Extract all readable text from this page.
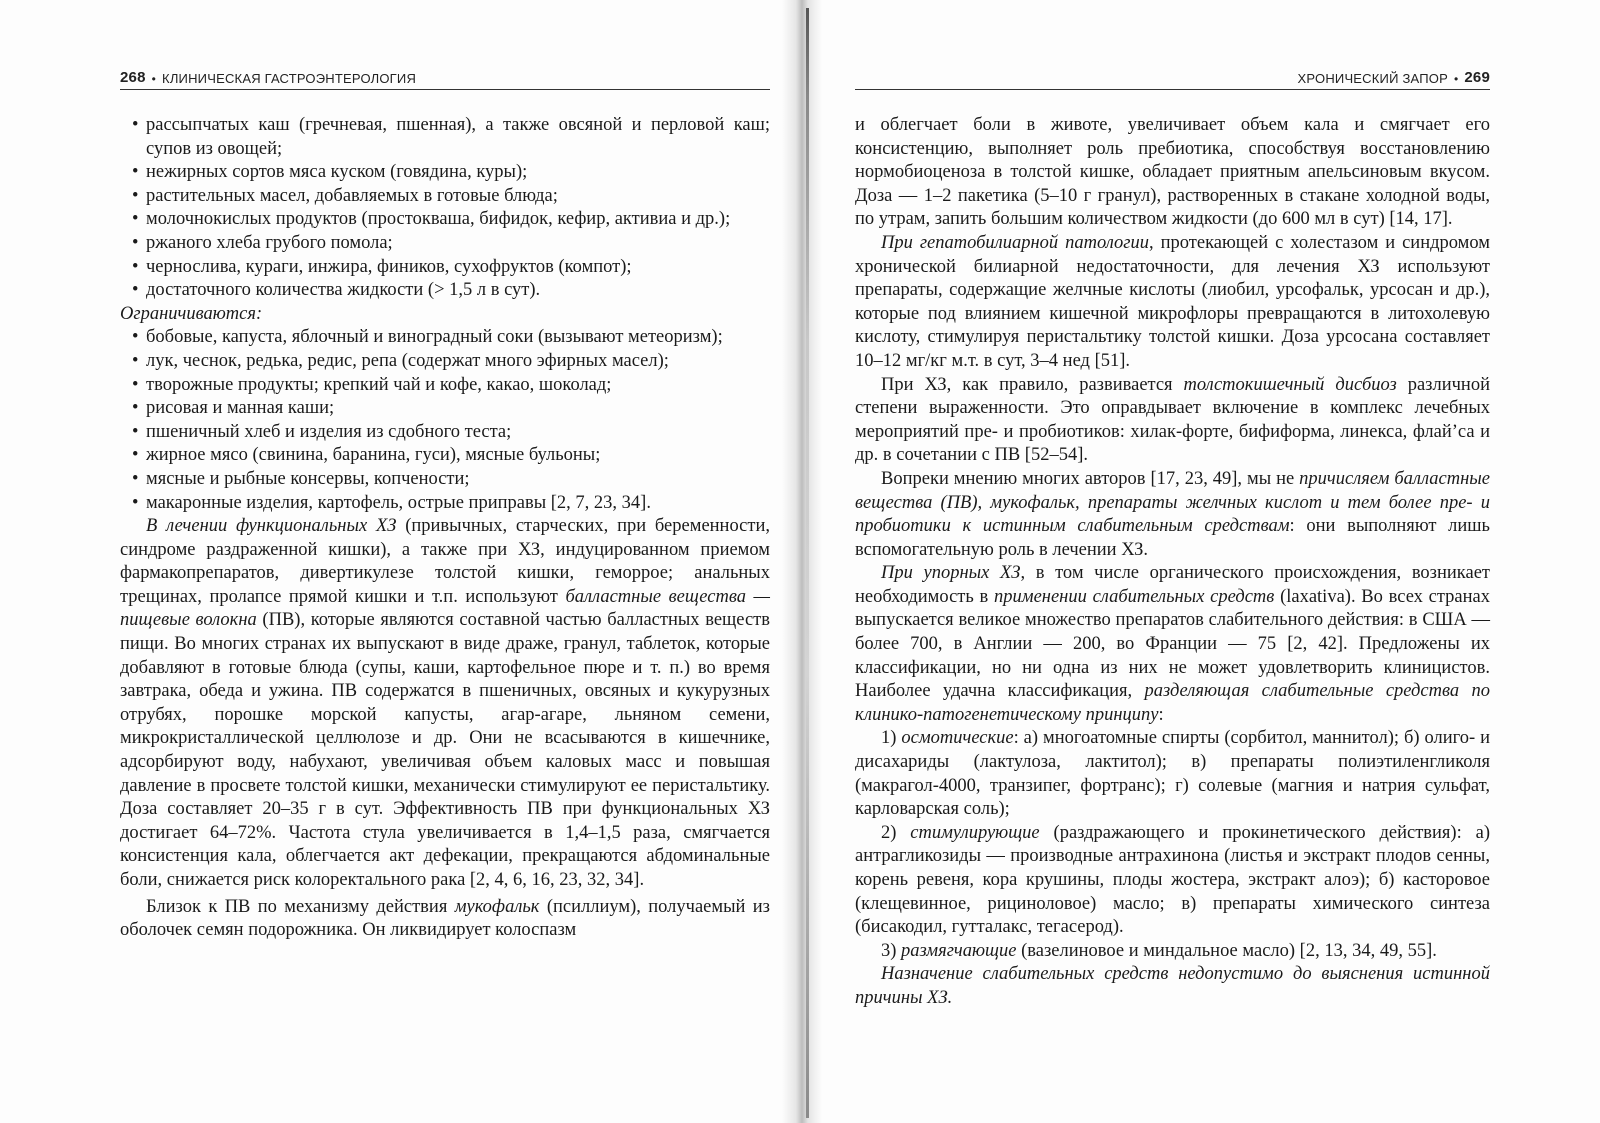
268 • КЛИНИЧЕСКАЯ ГАСТРОЭНТЕРОЛОГИЯ
• рассыпчатых каш (гречневая, пшенная), а также овсяной и перловой каш; супов из овощей;
• нежирных сортов мяса куском (говядина, куры);
• растительных масел, добавляемых в готовые блюда;
• молочнокислых продуктов (простокваша, бифидок, кефир, активиа и др.);
• ржаного хлеба грубого помола;
• чернослива, кураги, инжира, фиников, сухофруктов (компот);
• достаточного количества жидкости (> 1,5 л в сут).
Ограничиваются:
• бобовые, капуста, яблочный и виноградный соки (вызывают метеоризм);
• лук, чеснок, редька, редис, репа (содержат много эфирных масел);
• творожные продукты; крепкий чай и кофе, какао, шоколад;
• рисовая и манная каши;
• пшеничный хлеб и изделия из сдобного теста;
• жирное мясо (свинина, баранина, гуси), мясные бульоны;
• мясные и рыбные консервы, копчености;
• макаронные изделия, картофель, острые приправы [2, 7, 23, 34].

В лечении функциональных ХЗ (привычных, старческих, при беременности, синдроме раздраженной кишки), а также при ХЗ, индуцированном приемом фармакопрепаратов, дивертикулезе толстой кишки, геморрое; анальных трещинах, пролапсе прямой кишки и т.п. используют балластные вещества — пищевые волокна (ПВ), которые являются составной частью балластных веществ пищи. Во многих странах их выпускают в виде драже, гранул, таблеток, которые добавляют в готовые блюда (супы, каши, картофельное пюре и т. п.) во время завтрака, обеда и ужина. ПВ содержатся в пшеничных, овсяных и кукурузных отрубях, порошке морской капусты, агар-агаре, льняном семени, микрокристаллической целлюлозе и др. Они не всасываются в кишечнике, адсорбируют воду, набухают, увеличивая объем каловых масс и повышая давление в просвете толстой кишки, механически стимулируют ее перистальтику. Доза составляет 20–35 г в сут. Эффективность ПВ при функциональных ХЗ достигает 64–72%. Частота стула увеличивается в 1,4–1,5 раза, смягчается консистенция кала, облегчается акт дефекации, прекращаются абдоминальные боли, снижается риск колоректального рака [2, 4, 6, 16, 23, 32, 34].

Близок к ПВ по механизму действия мукофальк (псиллиум), получаемый из оболочек семян подорожника. Он ликвидирует колоспазм

ХРОНИЧЕСКИЙ ЗАПОР • 269

и облегчает боли в животе, увеличивает объем кала и смягчает его консистенцию, выполняет роль пребиотика, способствуя восстановлению нормобиоценоза в толстой кишке, обладает приятным апельсиновым вкусом. Доза — 1–2 пакетика (5–10 г гранул), растворенных в стакане холодной воды, по утрам, запить большим количеством жидкости (до 600 мл в сут) [14, 17].

При гепатобилиарной патологии, протекающей с холестазом и синдромом хронической билиарной недостаточности, для лечения ХЗ используют препараты, содержащие желчные кислоты (лиобил, урсофальк, урсосан и др.), которые под влиянием кишечной микрофлоры превращаются в литохолевую кислоту, стимулируя перистальтику толстой кишки. Доза урсосана составляет 10–12 мг/кг м.т. в сут, 3–4 нед [51].

При ХЗ, как правило, развивается толстокишечный дисбиоз различной степени выраженности. Это оправдывает включение в комплекс лечебных мероприятий пре- и пробиотиков: хилак-форте, бифиформа, линекса, флай’са и др. в сочетании с ПВ [52–54].

Вопреки мнению многих авторов [17, 23, 49], мы не причисляем балластные вещества (ПВ), мукофальк, препараты желчных кислот и тем более пре- и пробиотики к истинным слабительным средствам: они выполняют лишь вспомогательную роль в лечении ХЗ.

При упорных ХЗ, в том числе органического происхождения, возникает необходимость в применении слабительных средств (laxativa). Во всех странах выпускается великое множество препаратов слабительного действия: в США — более 700, в Англии — 200, во Франции — 75 [2, 42]. Предложены их классификации, но ни одна из них не может удовлетворить клиницистов. Наиболее удачна классификация, разделяющая слабительные средства по клинико-патогенетическому принципу:

1) осмотические: а) многоатомные спирты (сорбитол, маннитол); б) олиго- и дисахариды (лактулоза, лактитол); в) препараты полиэтиленгликоля (макрагол-4000, транзипег, фортранс); г) солевые (магния и натрия сульфат, карловарская соль);

2) стимулирующие (раздражающего и прокинетического действия): а) антрагликозиды — производные антрахинона (листья и экстракт плодов сенны, корень ревеня, кора крушины, плоды жостера, экстракт алоэ); б) касторовое (клещевинное, рициноловое) масло; в) препараты химического синтеза (бисакодил, гутталакс, тегасерод).

3) размягчающие (вазелиновое и миндальное масло) [2, 13, 34, 49, 55].

Назначение слабительных средств недопустимо до выяснения истинной причины ХЗ.
